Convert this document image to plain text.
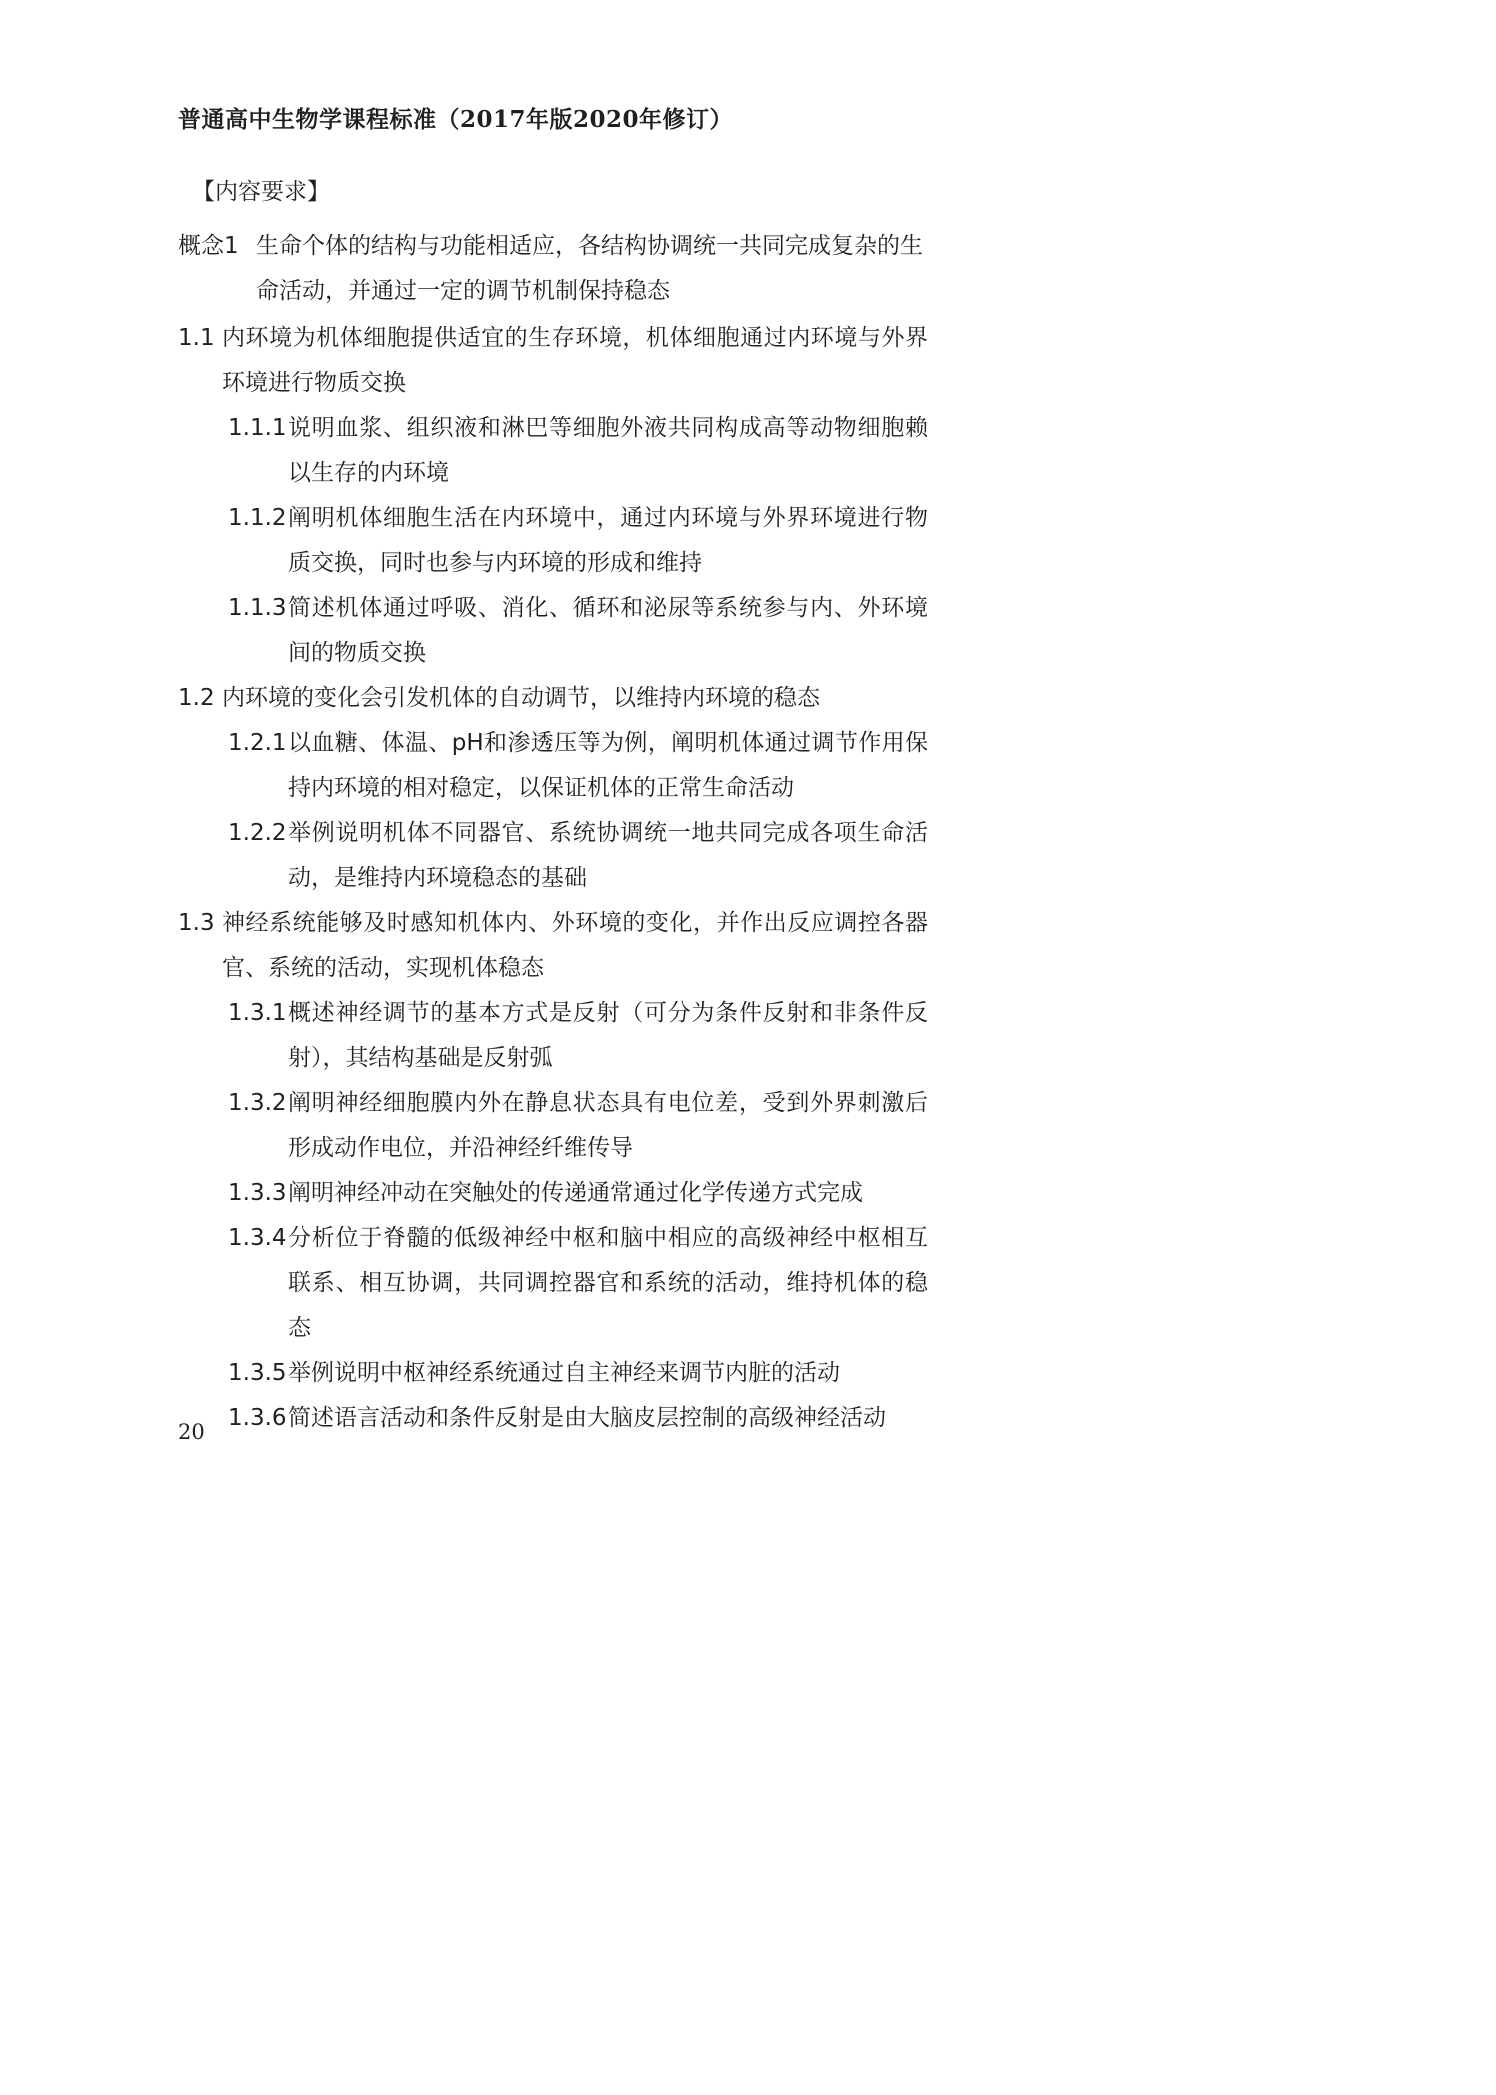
普通高中生物学课程标准（2017年版2020年修订）
【内容要求】
概念1 生命个体的结构与功能相适应，各结构协调统一共同完成复杂的生命活动，并通过一定的调节机制保持稳态
1.1 内环境为机体细胞提供适宜的生存环境，机体细胞通过内环境与外界环境进行物质交换
1.1.1 说明血浆、组织液和淋巴等细胞外液共同构成高等动物细胞赖以生存的内环境
1.1.2 阐明机体细胞生活在内环境中，通过内环境与外界环境进行物质交换，同时也参与内环境的形成和维持
1.1.3 简述机体通过呼吸、消化、循环和泌尿等系统参与内、外环境间的物质交换
1.2 内环境的变化会引发机体的自动调节，以维持内环境的稳态
1.2.1 以血糖、体温、pH和渗透压等为例，阐明机体通过调节作用保持内环境的相对稳定，以保证机体的正常生命活动
1.2.2 举例说明机体不同器官、系统协调统一地共同完成各项生命活动，是维持内环境稳态的基础
1.3 神经系统能够及时感知机体内、外环境的变化，并作出反应调控各器官、系统的活动，实现机体稳态
1.3.1 概述神经调节的基本方式是反射（可分为条件反射和非条件反射），其结构基础是反射弧
1.3.2 阐明神经细胞膜内外在静息状态具有电位差，受到外界刺激后形成动作电位，并沿神经纤维传导
1.3.3 阐明神经冲动在突触处的传递通常通过化学传递方式完成
1.3.4 分析位于脊髓的低级神经中枢和脑中相应的高级神经中枢相互联系、相互协调，共同调控器官和系统的活动，维持机体的稳态
1.3.5 举例说明中枢神经系统通过自主神经来调节内脏的活动
1.3.6 简述语言活动和条件反射是由大脑皮层控制的高级神经活动
20
